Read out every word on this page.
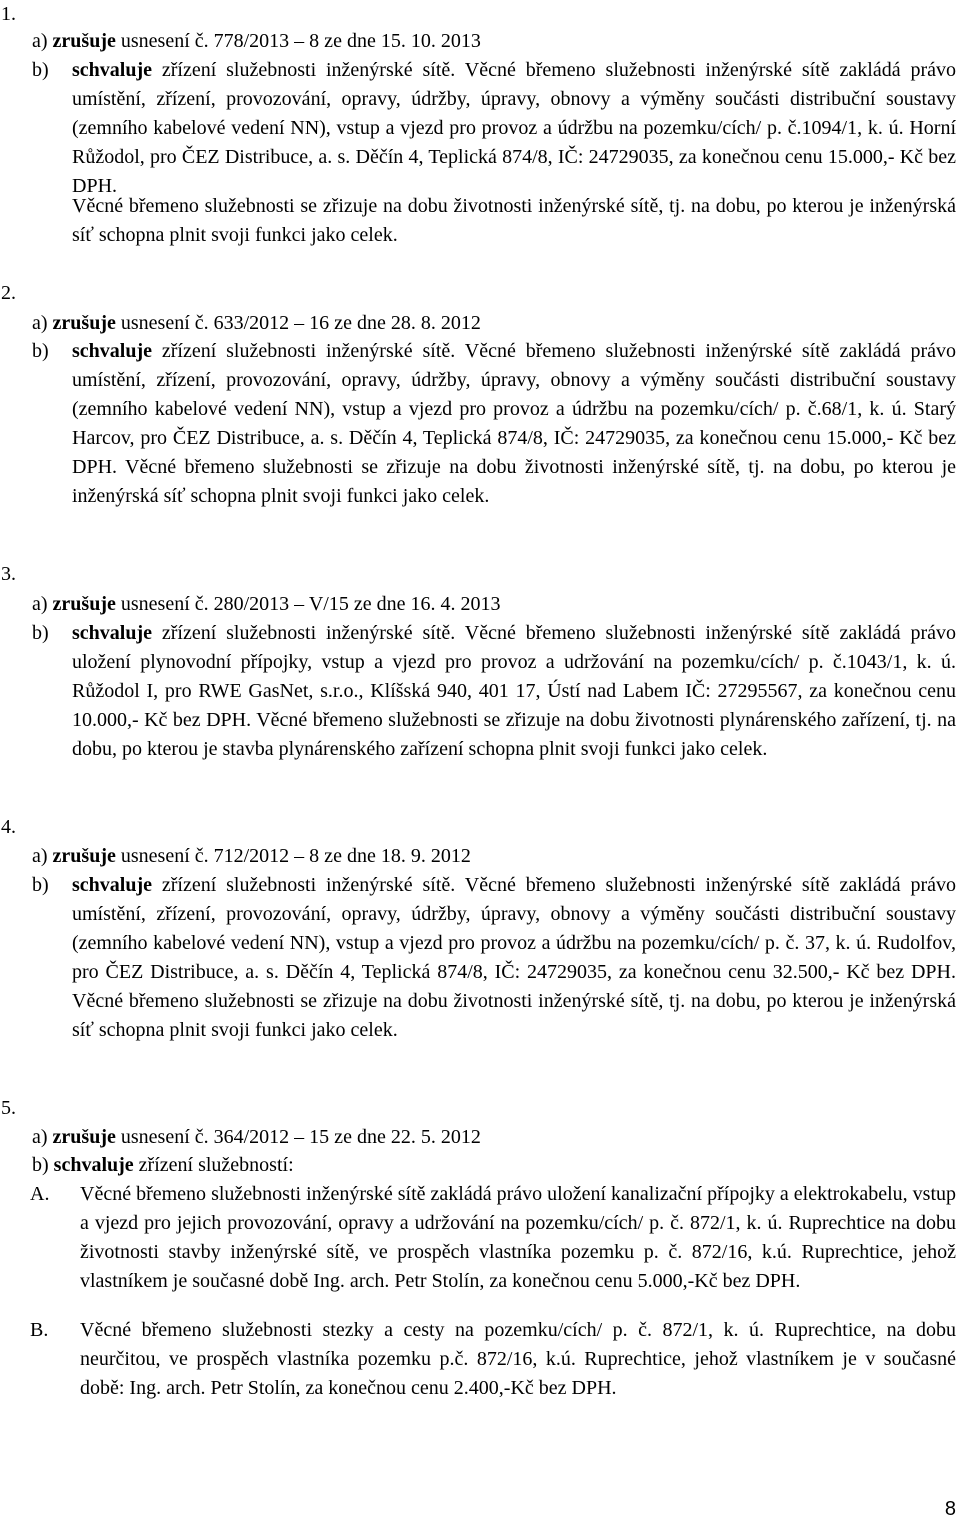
1.
a) zrušuje usnesení č. 778/2013 – 8 ze dne 15. 10. 2013
b) schvaluje zřízení služebnosti inženýrské sítě. Věcné břemeno služebnosti inženýrské sítě zakládá právo umístění, zřízení, provozování, opravy, údržby, úpravy, obnovy a výměny součásti distribuční soustavy (zemního kabelové vedení NN), vstup a vjezd pro provoz a údržbu na pozemku/cích/ p. č.1094/1, k. ú. Horní Růžodol, pro ČEZ Distribuce, a. s. Děčín 4, Teplická 874/8, IČ: 24729035, za konečnou cenu 15.000,- Kč bez DPH.
Věcné břemeno služebnosti se zřizuje na dobu životnosti inženýrské sítě, tj. na dobu, po kterou je inženýrská síť schopna plnit svoji funkci jako celek.
2.
a) zrušuje usnesení č. 633/2012 – 16 ze dne 28. 8. 2012
b) schvaluje zřízení služebnosti inženýrské sítě. Věcné břemeno služebnosti inženýrské sítě zakládá právo umístění, zřízení, provozování, opravy, údržby, úpravy, obnovy a výměny součásti distribuční soustavy (zemního kabelové vedení NN), vstup a vjezd pro provoz a údržbu na pozemku/cích/ p. č.68/1, k. ú. Starý Harcov, pro ČEZ Distribuce, a. s. Děčín 4, Teplická 874/8, IČ: 24729035, za konečnou cenu 15.000,- Kč bez DPH. Věcné břemeno služebnosti se zřizuje na dobu životnosti inženýrské sítě, tj. na dobu, po kterou je inženýrská síť schopna plnit svoji funkci jako celek.
3.
a) zrušuje usnesení č. 280/2013 – V/15 ze dne 16. 4. 2013
b) schvaluje zřízení služebnosti inženýrské sítě. Věcné břemeno služebnosti inženýrské sítě zakládá právo uložení plynovodní přípojky, vstup a vjezd pro provoz a udržování na pozemku/cích/ p. č.1043/1, k. ú. Růžodol I, pro RWE GasNet, s.r.o., Klíšská 940, 401 17, Ústí nad Labem IČ: 27295567, za konečnou cenu 10.000,- Kč bez DPH. Věcné břemeno služebnosti se zřizuje na dobu životnosti plynárenského zařízení, tj. na dobu, po kterou je stavba plynárenského zařízení schopna plnit svoji funkci jako celek.
4.
a) zrušuje usnesení č. 712/2012 – 8 ze dne 18. 9. 2012
b) schvaluje zřízení služebnosti inženýrské sítě. Věcné břemeno služebnosti inženýrské sítě zakládá právo umístění, zřízení, provozování, opravy, údržby, úpravy, obnovy a výměny součásti distribuční soustavy (zemního kabelové vedení NN), vstup a vjezd pro provoz a údržbu na pozemku/cích/ p. č. 37, k. ú. Rudolfov, pro ČEZ Distribuce, a. s. Děčín 4, Teplická 874/8, IČ: 24729035, za konečnou cenu 32.500,- Kč bez DPH. Věcné břemeno služebnosti se zřizuje na dobu životnosti inženýrské sítě, tj. na dobu, po kterou je inženýrská síť schopna plnit svoji funkci jako celek.
5.
a) zrušuje usnesení č. 364/2012 – 15 ze dne 22. 5. 2012
b) schvaluje zřízení služebností:
A. Věcné břemeno služebnosti inženýrské sítě zakládá právo uložení kanalizační přípojky a elektrokabelu, vstup a vjezd pro jejich provozování, opravy a udržování na pozemku/cích/ p. č. 872/1, k. ú. Ruprechtice na dobu životnosti stavby inženýrské sítě, ve prospěch vlastníka pozemku p. č. 872/16, k.ú. Ruprechtice, jehož vlastníkem je současné době Ing. arch. Petr Stolín, za konečnou cenu 5.000,-Kč bez DPH.
B. Věcné břemeno služebnosti stezky a cesty na pozemku/cích/ p. č. 872/1, k. ú. Ruprechtice, na dobu neurčitou, ve prospěch vlastníka pozemku p.č. 872/16, k.ú. Ruprechtice, jehož vlastníkem je v současné době: Ing. arch. Petr Stolín, za konečnou cenu 2.400,-Kč bez DPH.
8
